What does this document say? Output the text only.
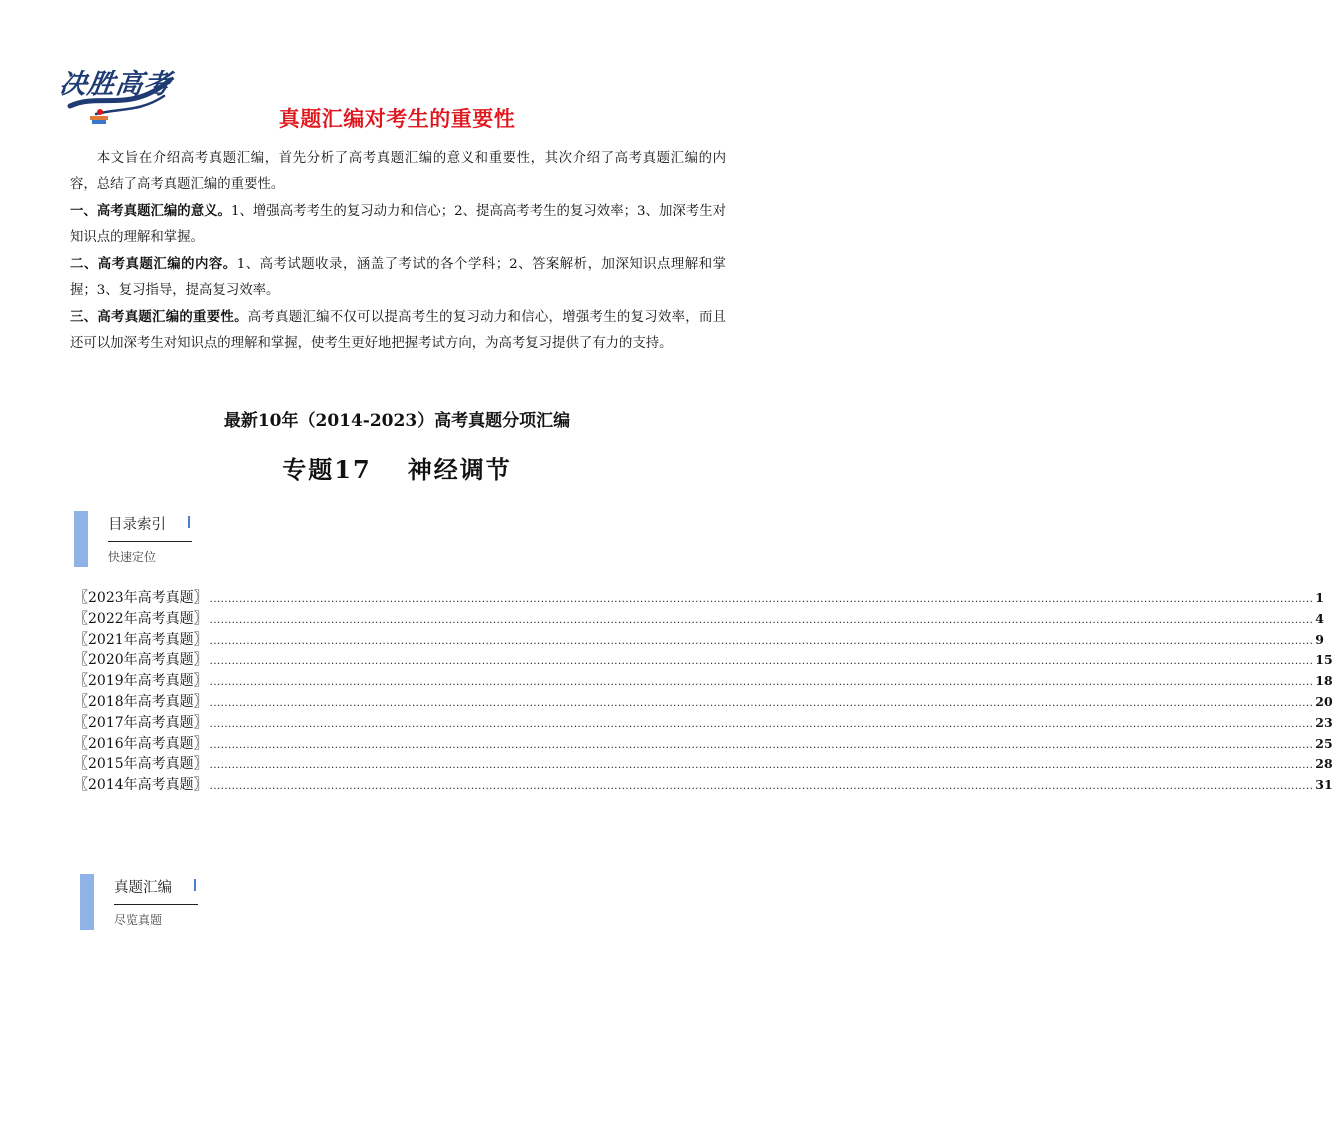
决胜高考
真题汇编对考生的重要性

本文旨在介绍高考真题汇编，首先分析了高考真题汇编的意义和重要性，其次介绍了高考真题汇编的内容，总结了高考真题汇编的重要性。

一、高考真题汇编的意义。1、增强高考考生的复习动力和信心；2、提高高考考生的复习效率；3、加深考生对知识点的理解和掌握。

二、高考真题汇编的内容。1、高考试题收录，涵盖了考试的各个学科；2、答案解析，加深知识点理解和掌握；3、复习指导，提高复习效率。

三、高考真题汇编的重要性。高考真题汇编不仅可以提高考生的复习动力和信心，增强考生的复习效率，而且还可以加深考生对知识点的理解和掌握，使考生更好地把握考试方向，为高考复习提供了有力的支持。

最新10年（2014-2023）高考真题分项汇编
专题17 神经调节
目录索引
快速定位
〖2023年高考真题〗 ............................................................................................................................................................................................................................................................................................................ 1
〖2022年高考真题〗 ............................................................................................................................................................................................................................................................................................................ 4
〖2021年高考真题〗 ............................................................................................................................................................................................................................................................................................................ 9
〖2020年高考真题〗 ............................................................................................................................................................................................................................................................................................................ 15
〖2019年高考真题〗 ............................................................................................................................................................................................................................................................................................................ 18
〖2018年高考真题〗 ............................................................................................................................................................................................................................................................................................................ 20
〖2017年高考真题〗 ............................................................................................................................................................................................................................................................................................................ 23
〖2016年高考真题〗 ............................................................................................................................................................................................................................................................................................................ 25
〖2015年高考真题〗 ............................................................................................................................................................................................................................................................................................................ 28
〖2014年高考真题〗 ............................................................................................................................................................................................................................................................................................................ 31
真题汇编
尽览真题
